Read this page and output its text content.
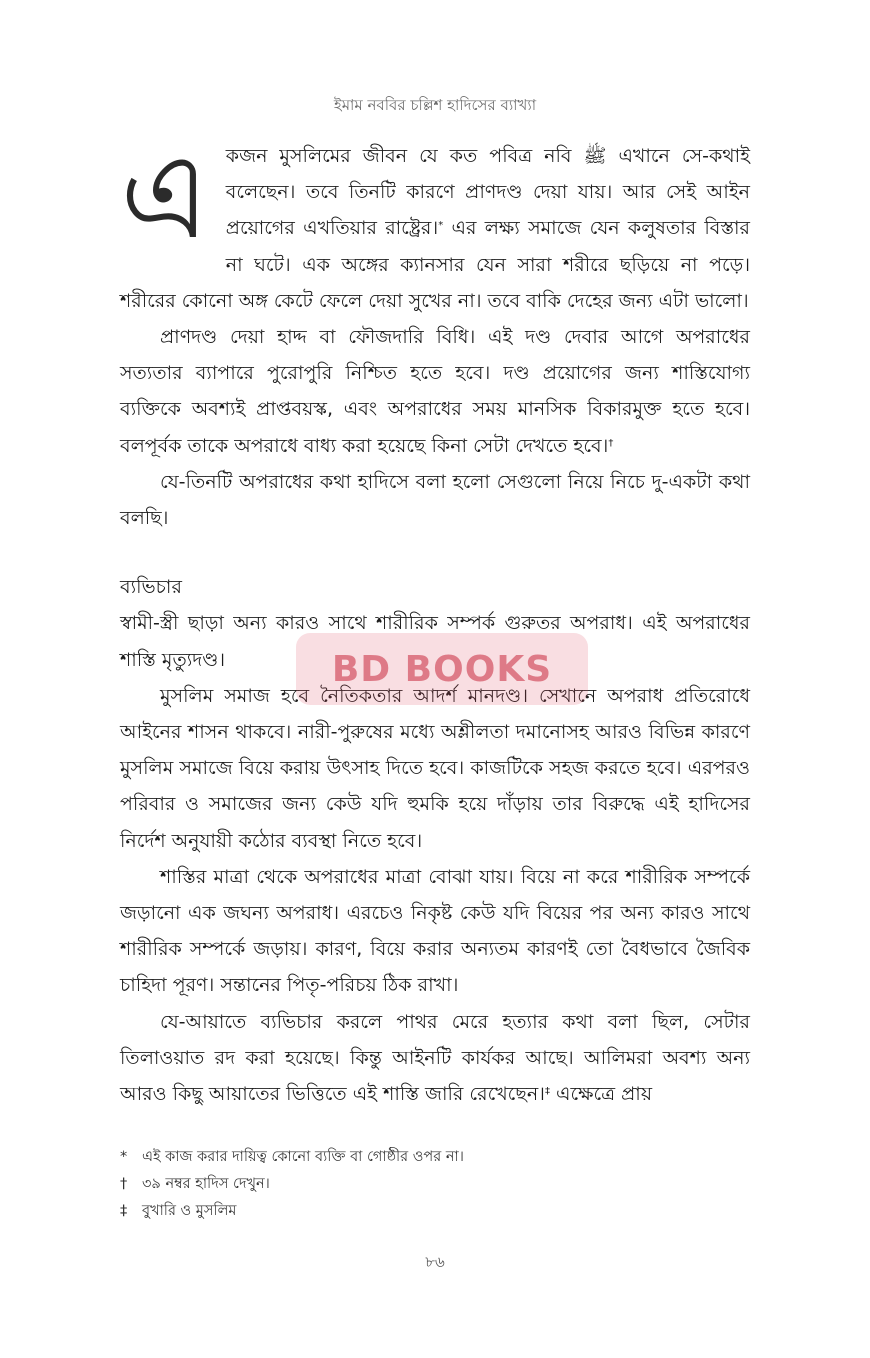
ইমাম নববির চল্লিশ হাদিসের ব্যাখ্যা
এ কজন মুসলিমের জীবন যে কত পবিত্র নবি ﷺ এখানে সে-কথাই বলেছেন। তবে তিনটি কারণে প্রাণদণ্ড দেয়া যায়। আর সেই আইন প্রয়োগের এখতিয়ার রাষ্ট্রের।* এর লক্ষ্য সমাজে যেন কলুষতার বিস্তার না ঘটে। এক অঙ্গের ক্যানসার যেন সারা শরীরে ছড়িয়ে না পড়ে। শরীরের কোনো অঙ্গ কেটে ফেলে দেয়া সুখের না। তবে বাকি দেহের জন্য এটা ভালো।

প্রাণদণ্ড দেয়া হাদ্দ বা ফৌজদারি বিধি। এই দণ্ড দেবার আগে অপরাধের সত্যতার ব্যাপারে পুরোপুরি নিশ্চিত হতে হবে। দণ্ড প্রয়োগের জন্য শাস্তিযোগ্য ব্যক্তিকে অবশ্যই প্রাপ্তবয়স্ক, এবং অপরাধের সময় মানসিক বিকারমুক্ত হতে হবে। বলপূর্বক তাকে অপরাধে বাধ্য করা হয়েছে কিনা সেটা দেখতে হবে।†

যে-তিনটি অপরাধের কথা হাদিসে বলা হলো সেগুলো নিয়ে নিচে দু-একটা কথা বলছি।

ব্যভিচার

স্বামী-স্ত্রী ছাড়া অন্য কারও সাথে শারীরিক সম্পর্ক গুরুতর অপরাধ। এই অপরাধের শাস্তি মৃত্যুদণ্ড।

মুসলিম সমাজ হবে নৈতিকতার আদর্শ মানদণ্ড। সেখানে অপরাধ প্রতিরোধে আইনের শাসন থাকবে। নারী-পুরুষের মধ্যে অশ্লীলতা দমানোসহ আরও বিভিন্ন কারণে মুসলিম সমাজে বিয়ে করায় উৎসাহ দিতে হবে। কাজটিকে সহজ করতে হবে। এরপরও পরিবার ও সমাজের জন্য কেউ যদি হুমকি হয়ে দাঁড়ায় তার বিরুদ্ধে এই হাদিসের নির্দেশ অনুযায়ী কঠোর ব্যবস্থা নিতে হবে।

শাস্তির মাত্রা থেকে অপরাধের মাত্রা বোঝা যায়। বিয়ে না করে শারীরিক সম্পর্কে জড়ানো এক জঘন্য অপরাধ। এরচেও নিকৃষ্ট কেউ যদি বিয়ের পর অন্য কারও সাথে শারীরিক সম্পর্কে জড়ায়। কারণ, বিয়ে করার অন্যতম কারণই তো বৈধভাবে জৈবিক চাহিদা পূরণ। সন্তানের পিতৃ-পরিচয় ঠিক রাখা।

যে-আয়াতে ব্যভিচার করলে পাথর মেরে হত্যার কথা বলা ছিল, সেটার তিলাওয়াত রদ করা হয়েছে। কিন্তু আইনটি কার্যকর আছে। আলিমরা অবশ্য অন্য আরও কিছু আয়াতের ভিত্তিতে এই শাস্তি জারি রেখেছেন।‡ এক্ষেত্রে প্রায়

*	এই কাজ করার দায়িত্ব কোনো ব্যক্তি বা গোষ্ঠীর ওপর না।
†	৩৯ নম্বর হাদিস দেখুন।
‡	বুখারি ও মুসলিম
৮৬
BD BOOKS
